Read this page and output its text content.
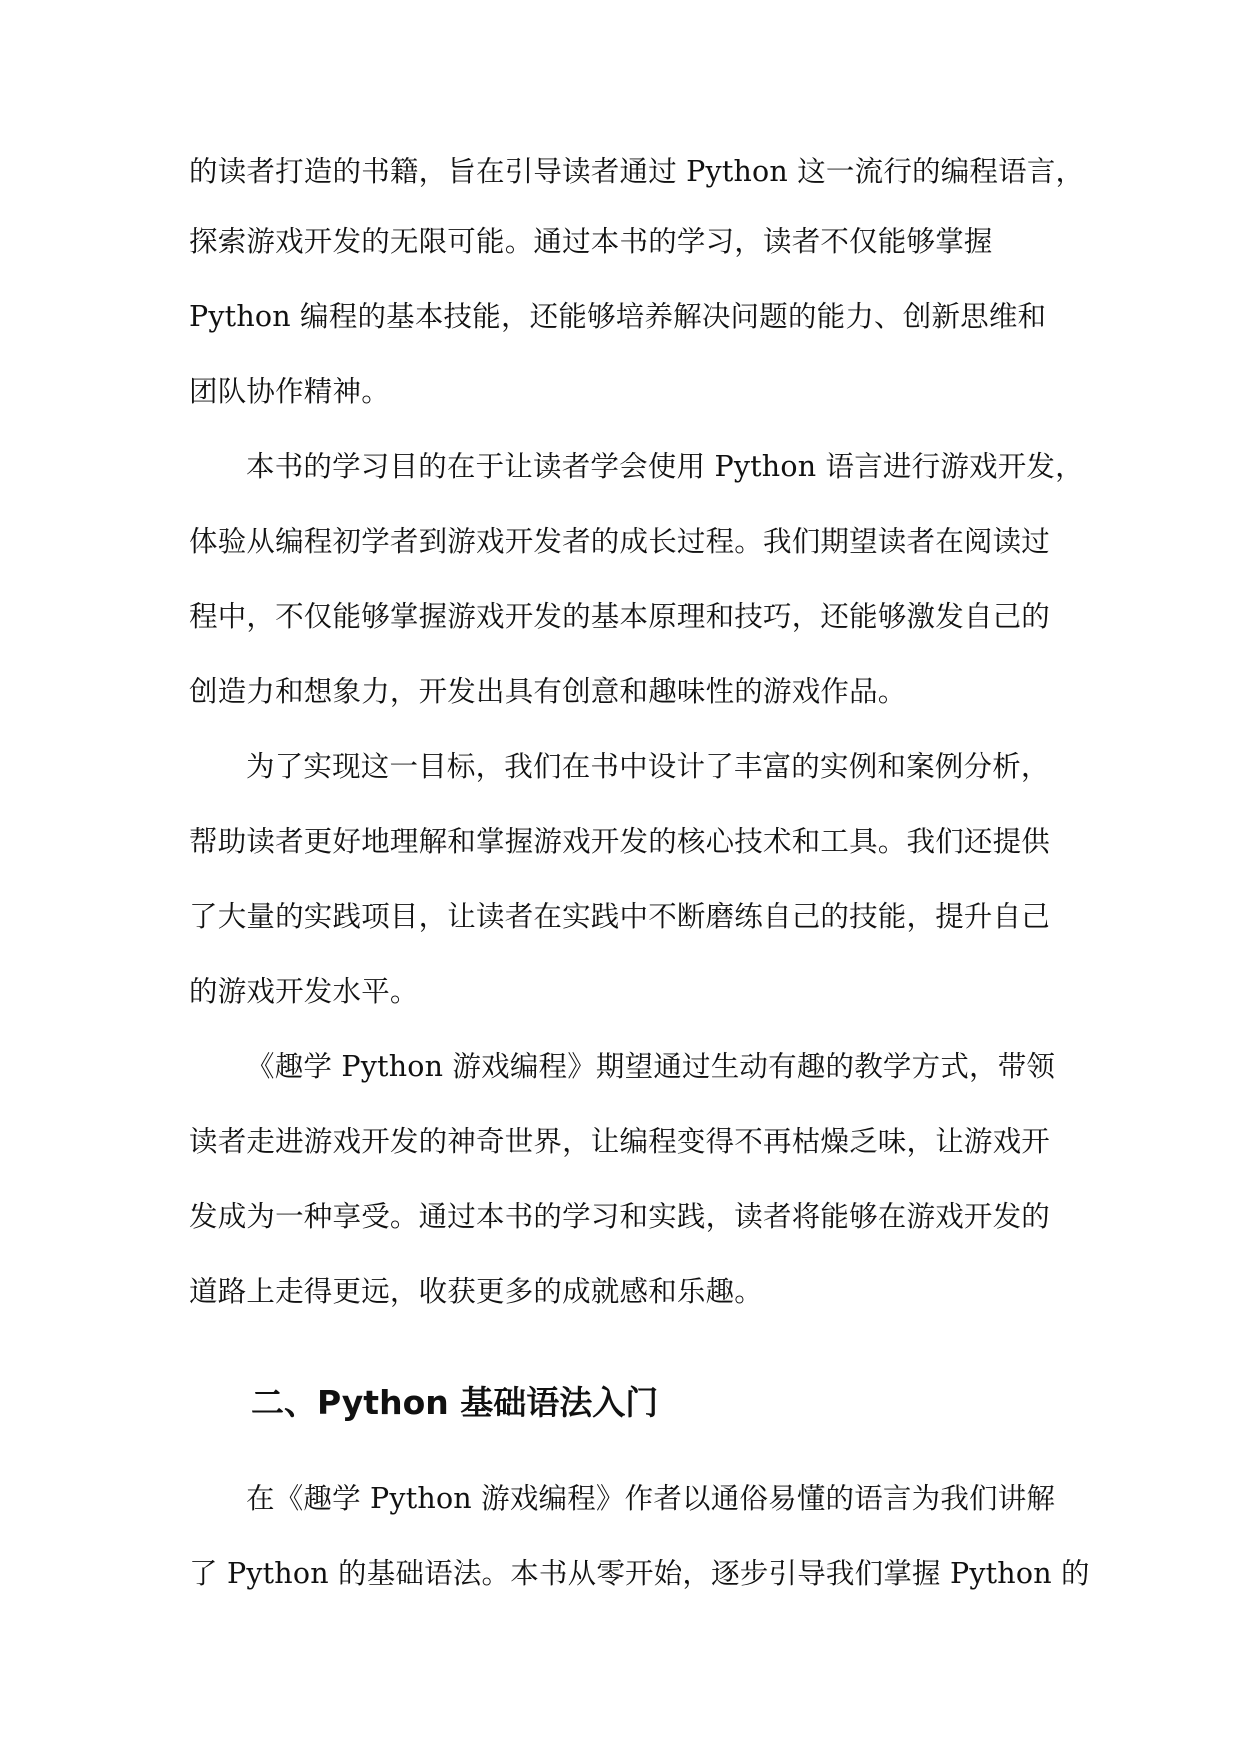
的读者打造的书籍，旨在引导读者通过 Python 这一流行的编程语言，
探索游戏开发的无限可能。通过本书的学习，读者不仅能够掌握
Python 编程的基本技能，还能够培养解决问题的能力、创新思维和
团队协作精神。
本书的学习目的在于让读者学会使用 Python 语言进行游戏开发，
体验从编程初学者到游戏开发者的成长过程。我们期望读者在阅读过
程中，不仅能够掌握游戏开发的基本原理和技巧，还能够激发自己的
创造力和想象力，开发出具有创意和趣味性的游戏作品。
为了实现这一目标，我们在书中设计了丰富的实例和案例分析，
帮助读者更好地理解和掌握游戏开发的核心技术和工具。我们还提供
了大量的实践项目，让读者在实践中不断磨练自己的技能，提升自己
的游戏开发水平。
《趣学 Python 游戏编程》期望通过生动有趣的教学方式，带领
读者走进游戏开发的神奇世界，让编程变得不再枯燥乏味，让游戏开
发成为一种享受。通过本书的学习和实践，读者将能够在游戏开发的
道路上走得更远，收获更多的成就感和乐趣。
二、Python 基础语法入门
在《趣学 Python 游戏编程》作者以通俗易懂的语言为我们讲解
了 Python 的基础语法。本书从零开始，逐步引导我们掌握 Python 的
